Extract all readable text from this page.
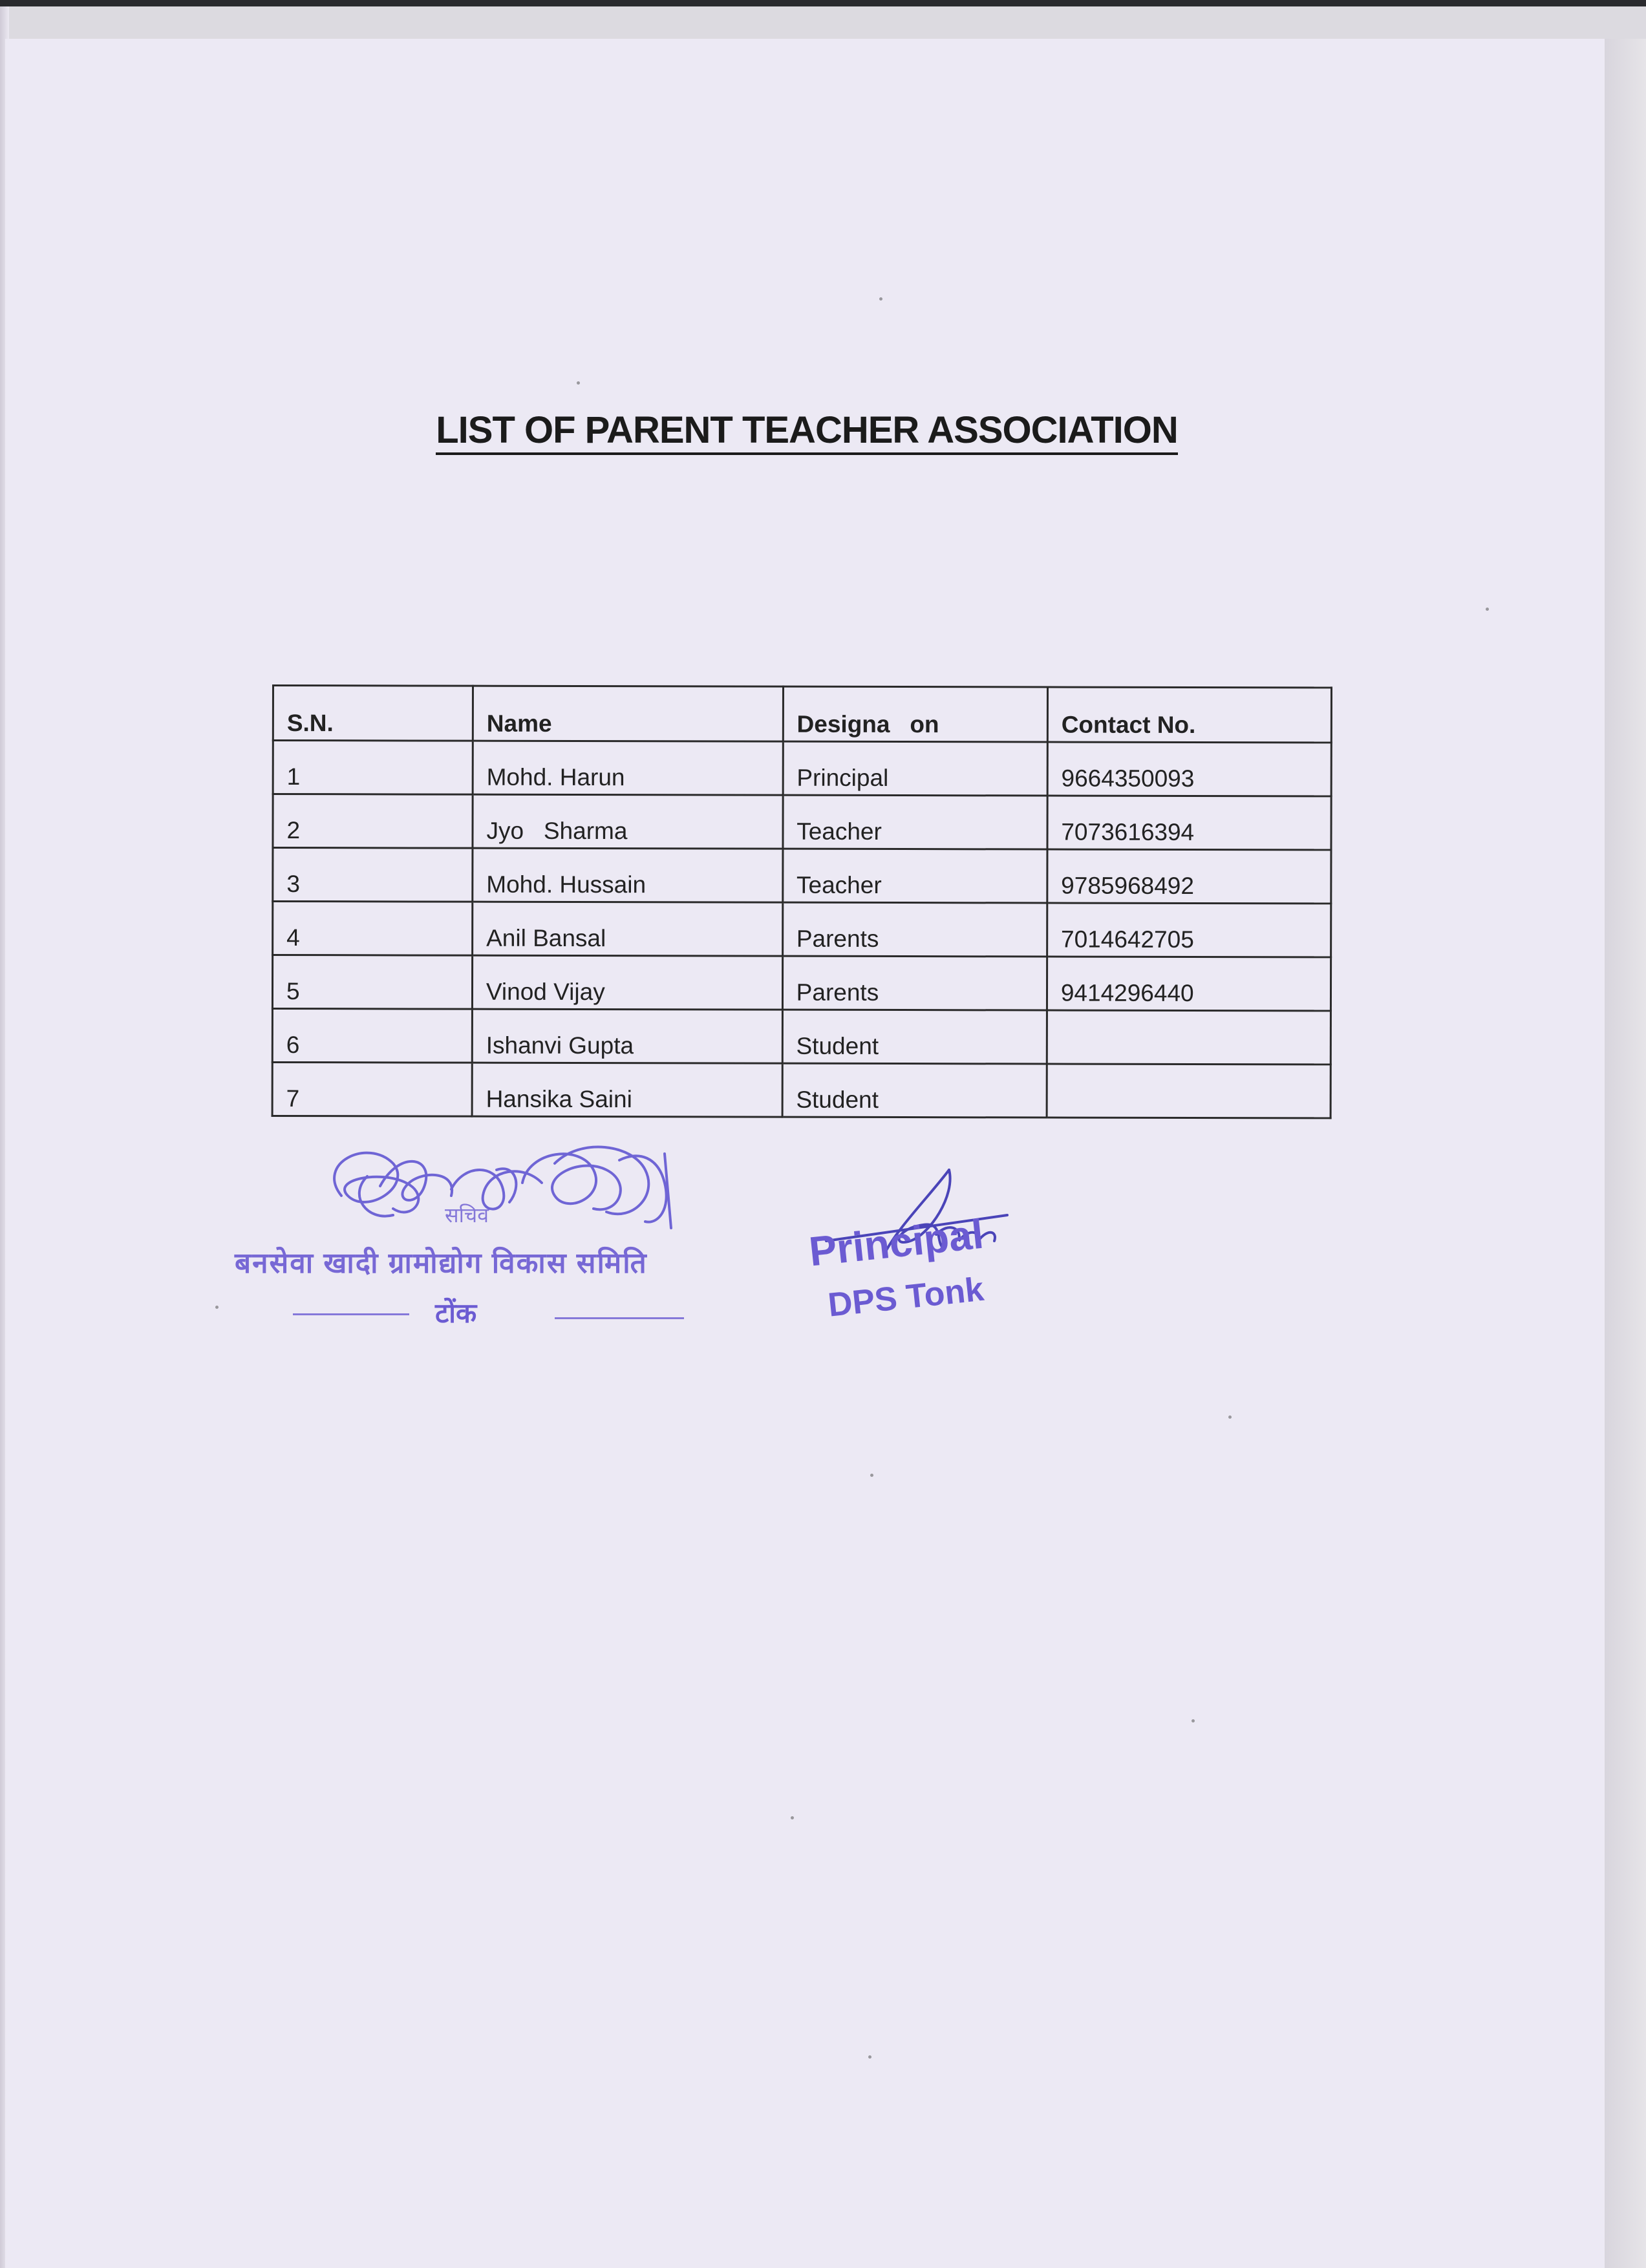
LIST OF PARENT TEACHER ASSOCIATION
S.N.	Name	Designa   on	Contact No.
1	Mohd. Harun	Principal	9664350093
2	Jyo   Sharma	Teacher	7073616394
3	Mohd. Hussain	Teacher	9785968492
4	Anil Bansal	Parents	7014642705
5	Vinod Vijay	Parents	9414296440
6	Ishanvi Gupta	Student	
7	Hansika Saini	Student	
सचिव
बनसेवा खादी ग्रामोद्योग विकास समिति
टोंक
Principal
DPS Tonk
